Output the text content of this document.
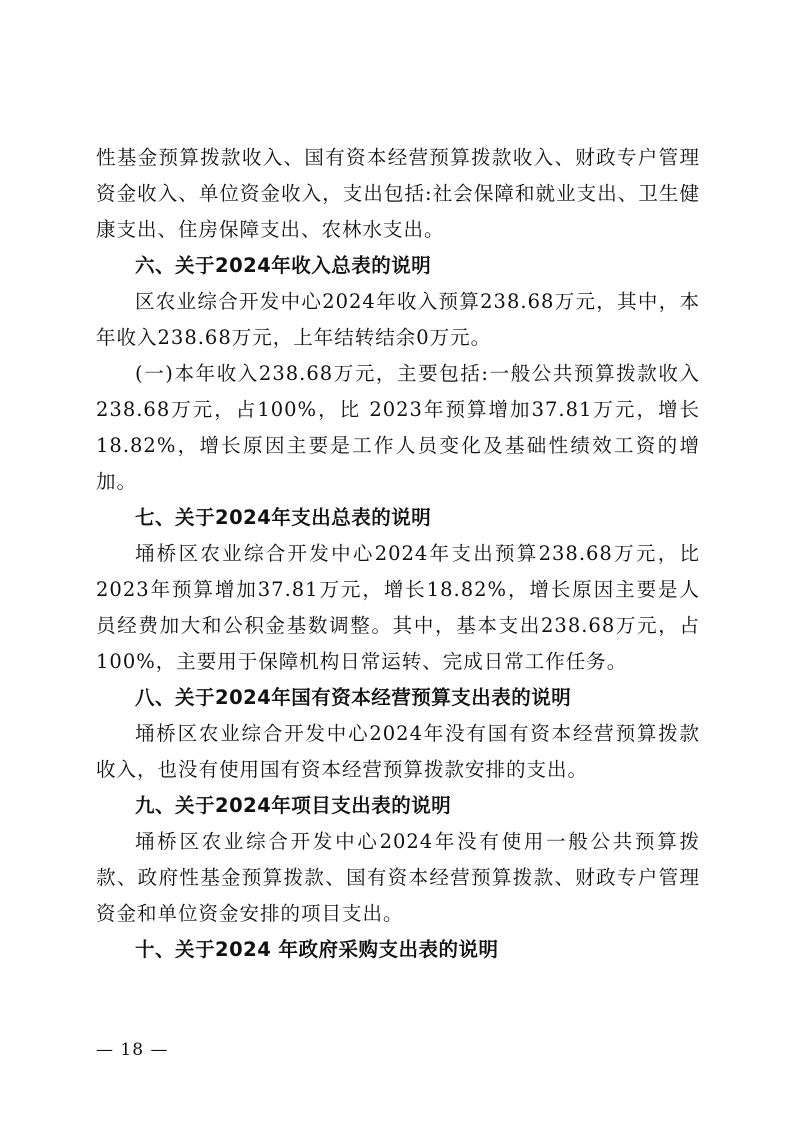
性基金预算拨款收入、国有资本经营预算拨款收入、财政专户管理资金收入、单位资金收入，支出包括:社会保障和就业支出、卫生健康支出、住房保障支出、农林水支出。

六、关于2024年收入总表的说明

区农业综合开发中心2024年收入预算238.68万元，其中，本年收入238.68万元，上年结转结余0万元。

(一)本年收入238.68万元，主要包括:一般公共预算拨款收入238.68万元，占100%，比 2023年预算增加37.81万元，增长18.82%，增长原因主要是工作人员变化及基础性绩效工资的增加。

七、关于2024年支出总表的说明

埇桥区农业综合开发中心2024年支出预算238.68万元，比2023年预算增加37.81万元，增长18.82%，增长原因主要是人员经费加大和公积金基数调整。其中，基本支出238.68万元，占100%，主要用于保障机构日常运转、完成日常工作任务。

八、关于2024年国有资本经营预算支出表的说明

埇桥区农业综合开发中心2024年没有国有资本经营预算拨款收入，也没有使用国有资本经营预算拨款安排的支出。

九、关于2024年项目支出表的说明

埇桥区农业综合开发中心2024年没有使用一般公共预算拨款、政府性基金预算拨款、国有资本经营预算拨款、财政专户管理资金和单位资金安排的项目支出。

十、关于2024 年政府采购支出表的说明
— 18 —
